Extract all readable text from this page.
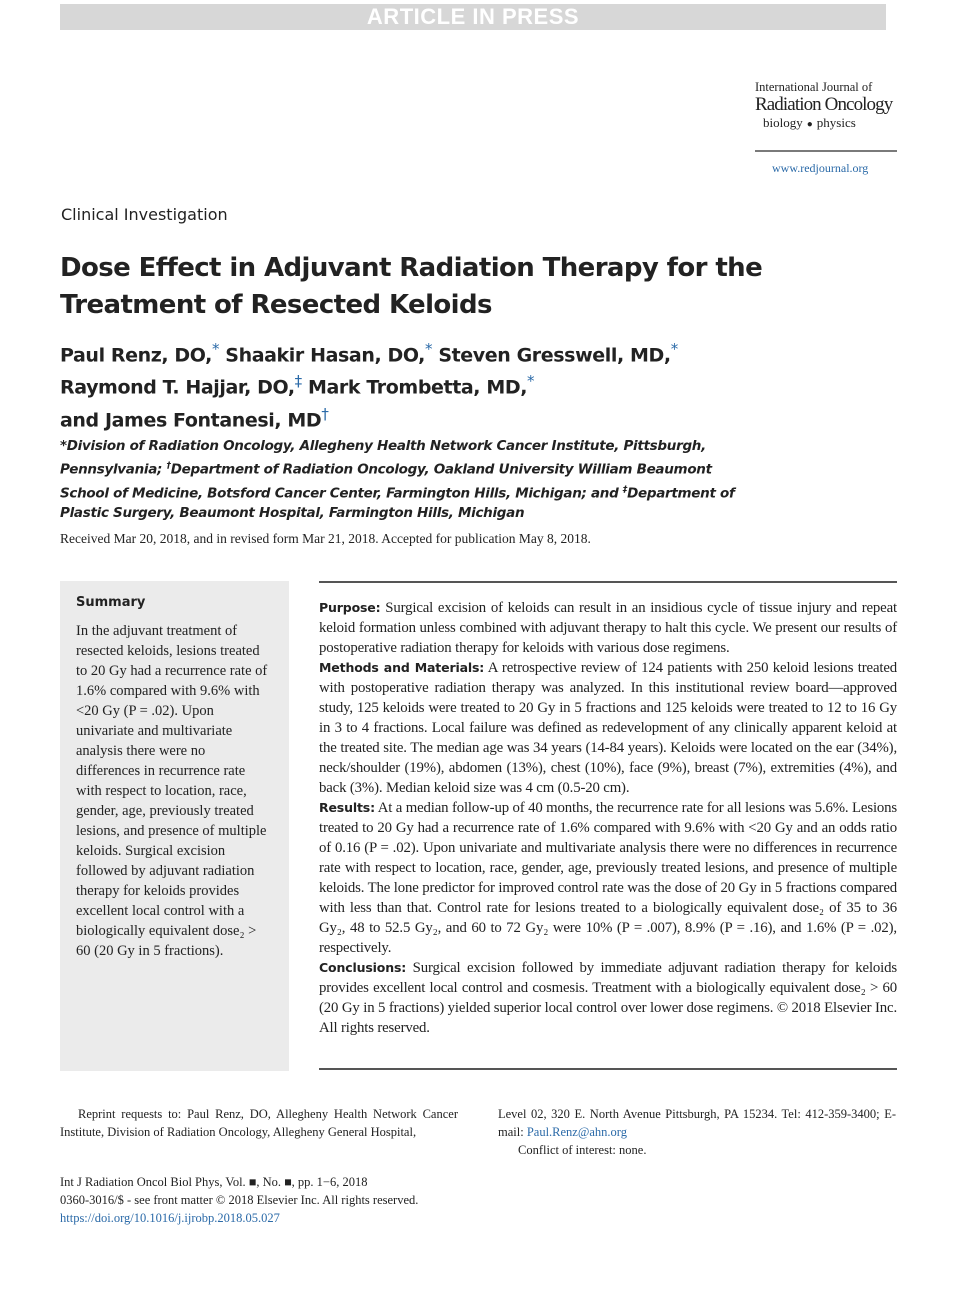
ARTICLE IN PRESS
International Journal of
Radiation Oncology
biology ● physics
www.redjournal.org
Clinical Investigation
Dose Effect in Adjuvant Radiation Therapy for the Treatment of Resected Keloids
Paul Renz, DO,* Shaakir Hasan, DO,* Steven Gresswell, MD,*
Raymond T. Hajjar, DO,‡ Mark Trombetta, MD,*
and James Fontanesi, MD†
*Division of Radiation Oncology, Allegheny Health Network Cancer Institute, Pittsburgh, Pennsylvania; †Department of Radiation Oncology, Oakland University William Beaumont School of Medicine, Botsford Cancer Center, Farmington Hills, Michigan; and ‡Department of Plastic Surgery, Beaumont Hospital, Farmington Hills, Michigan
Received Mar 20, 2018, and in revised form Mar 21, 2018. Accepted for publication May 8, 2018.
Summary
In the adjuvant treatment of resected keloids, lesions treated to 20 Gy had a recurrence rate of 1.6% compared with 9.6% with <20 Gy (P = .02). Upon univariate and multivariate analysis there were no differences in recurrence rate with respect to location, race, gender, age, previously treated lesions, and presence of multiple keloids. Surgical excision followed by adjuvant radiation therapy for keloids provides excellent local control with a biologically equivalent dose₂ > 60 (20 Gy in 5 fractions).

Purpose: Surgical excision of keloids can result in an insidious cycle of tissue injury and repeat keloid formation unless combined with adjuvant therapy to halt this cycle. We present our results of postoperative radiation therapy for keloids with various dose regimens.

Methods and Materials: A retrospective review of 124 patients with 250 keloid lesions treated with postoperative radiation therapy was analyzed. In this institutional review board—approved study, 125 keloids were treated to 20 Gy in 5 fractions and 125 keloids were treated to 12 to 16 Gy in 3 to 4 fractions. Local failure was defined as redevelopment of any clinically apparent keloid at the treated site. The median age was 34 years (14-84 years). Keloids were located on the ear (34%), neck/shoulder (19%), abdomen (13%), chest (10%), face (9%), breast (7%), extremities (4%), and back (3%). Median keloid size was 4 cm (0.5-20 cm).

Results: At a median follow-up of 40 months, the recurrence rate for all lesions was 5.6%. Lesions treated to 20 Gy had a recurrence rate of 1.6% compared with 9.6% with <20 Gy and an odds ratio of 0.16 (P = .02). Upon univariate and multivariate analysis there were no differences in recurrence rate with respect to location, race, gender, age, previously treated lesions, and presence of multiple keloids. The lone predictor for improved control rate was the dose of 20 Gy in 5 fractions compared with less than that. Control rate for lesions treated to a biologically equivalent dose₂ of 35 to 36 Gy₂, 48 to 52.5 Gy₂, and 60 to 72 Gy₂ were 10% (P = .007), 8.9% (P = .16), and 1.6% (P = .02), respectively.

Conclusions: Surgical excision followed by immediate adjuvant radiation therapy for keloids provides excellent local control and cosmesis. Treatment with a biologically equivalent dose₂ > 60 (20 Gy in 5 fractions) yielded superior local control over lower dose regimens. © 2018 Elsevier Inc. All rights reserved.

Reprint requests to: Paul Renz, DO, Allegheny Health Network Cancer Institute, Division of Radiation Oncology, Allegheny General Hospital,
Level 02, 320 E. North Avenue Pittsburgh, PA 15234. Tel: 412-359-3400; E-mail: Paul.Renz@ahn.org
Conflict of interest: none.
Int J Radiation Oncol Biol Phys, Vol. ■, No. ■, pp. 1−6, 2018
0360-3016/$ - see front matter © 2018 Elsevier Inc. All rights reserved.
https://doi.org/10.1016/j.ijrobp.2018.05.027
